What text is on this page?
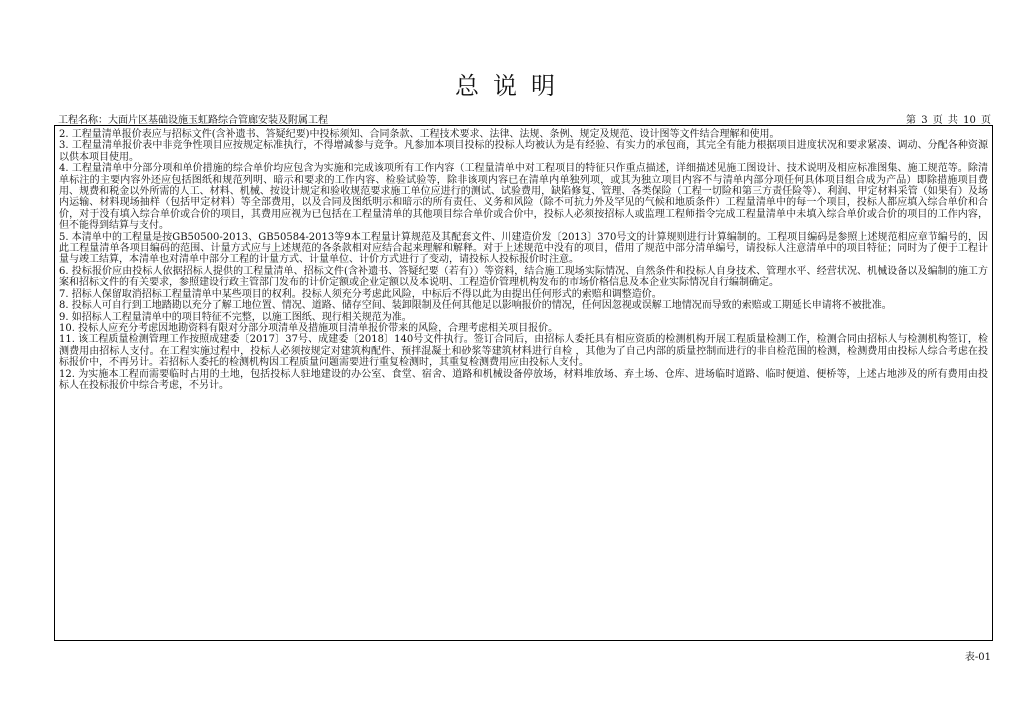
总说明
工程名称：大面片区基础设施玉虹路综合管廊安装及附属工程	第 3 页 共 10 页

2. 工程量清单报价表应与招标文件(含补遗书、答疑纪要)中投标须知、合同条款、工程技术要求、法律、法规、条例、规定及规范、设计图等文件结合理解和使用。

3. 工程量清单报价表中非竞争性项目应按规定标准执行，不得增减参与竞争。凡参加本项目投标的投标人均被认为是有经验、有实力的承包商，其完全有能力根据项目进度状况和要求紧凑、调动、分配各种资源以供本项目使用。

4. 工程量清单中分部分项和单价措施的综合单价均应包含为实施和完成该项所有工作内容（工程量清单中对工程项目的特征只作重点描述，详细描述见施工图设计、技术说明及相应标准图集、施工规范等。除清单标注的主要内容外还应包括图纸和规范列明、暗示和要求的工作内容、检验试验等，除非该项内容已在清单内单独列项，或其为独立项目内容不与清单内部分项任何具体项目组合成为产品）即除措施项目费用、规费和税金以外所需的人工、材料、机械、按设计规定和验收规范要求施工单位应进行的测试、试验费用，缺陷修复、管理、各类保险（工程一切险和第三方责任险等）、利润、甲定材料采管（如果有）及场内运输、材料现场抽样（包括甲定材料）等全部费用，以及合同及图纸明示和暗示的所有责任、义务和风险（除不可抗力外及罕见的气候和地质条件）工程量清单中的每一个项目，投标人都应填入综合单价和合价，对于没有填入综合单价或合价的项目，其费用应视为已包括在工程量清单的其他项目综合单价或合价中，投标人必须按招标人或监理工程师指令完成工程量清单中未填入综合单价或合价的项目的工作内容，但不能得到结算与支付。

5. 本清单中的工程量是按GB50500-2013、GB50584-2013等9本工程量计算规范及其配套文件、川建造价发〔2013〕370号文的计算规则进行计算编制的。工程项目编码是参照上述规范相应章节编号的，因此工程量清单各项目编码的范围、计量方式应与上述规范的各条款相对应结合起来理解和解释。对于上述规范中没有的项目，借用了规范中部分清单编号，请投标人注意清单中的项目特征；同时为了便于工程计量与竣工结算，本清单也对清单中部分工程的计量方式、计量单位、计价方式进行了变动，请投标人投标报价时注意。

6. 投标报价应由投标人依据招标人提供的工程量清单、招标文件(含补遗书、答疑纪要（若有））等资料，结合施工现场实际情况、自然条件和投标人自身技术、管理水平、经营状况、机械设备以及编制的施工方案和招标文件的有关要求，参照建设行政主管部门发布的计价定额或企业定额以及本说明、工程造价管理机构发布的市场价格信息及本企业实际情况自行编制确定。

7. 招标人保留取消招标工程量清单中某些项目的权利。投标人须充分考虑此风险，中标后不得以此为由提出任何形式的索赔和调整造价。

8. 投标人可自行到工地踏勘以充分了解工地位置、情况、道路、储存空间、装卸限制及任何其他足以影响报价的情况，任何因忽视或误解工地情况而导致的索赔或工期延长申请将不被批准。

9. 如招标人工程量清单中的项目特征不完整，以施工图纸、现行相关规范为准。

10. 投标人应充分考虑因地勘资料有限对分部分项清单及措施项目清单报价带来的风险，合理考虑相关项目报价。

11. 该工程质量检测管理工作按照成建委〔2017〕37号、成建委〔2018〕140号文件执行。签订合同后，由招标人委托具有相应资质的检测机构开展工程质量检测工作，检测合同由招标人与检测机构签订，检测费用由招标人支付。在工程实施过程中，投标人必须按规定对建筑构配件、预拌混凝土和砂浆等建筑材料进行自检 ，其他为了自己内部的质量控制而进行的非自检范围的检测，检测费用由投标人综合考虑在投标报价中，不再另计。若招标人委托的检测机构因工程质量问题需要进行重复检测时，其重复检测费用应由投标人支付。

12. 为实施本工程而需要临时占用的土地，包括投标人驻地建设的办公室、食堂、宿舍、道路和机械设备停放场，材料堆放场、弃土场、仓库、进场临时道路、临时便道、便桥等，上述占地涉及的所有费用由投标人在投标报价中综合考虑，不另计。

表-01
